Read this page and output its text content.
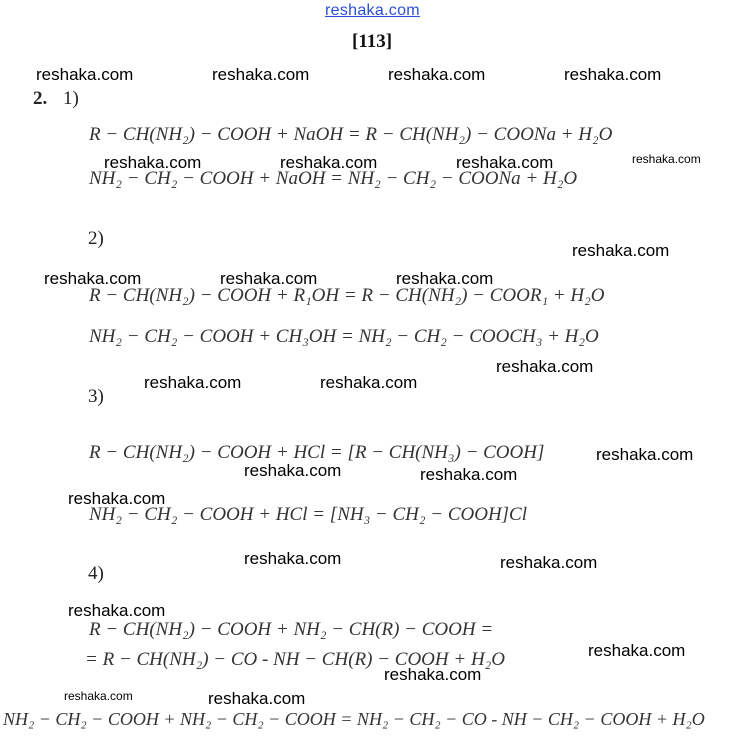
reshaka.com
[113]
2. 1)
2)
3)
4)
R − CH(NH₂) − COOH + NaOH = R − CH(NH₂) − COONa + H₂O
NH₂ − CH₂ − COOH + NaOH = NH₂ − CH₂ − COONa + H₂O
R − CH(NH₂) − COOH + R₁OH = R − CH(NH₂) − COOR₁ + H₂O
NH₂ − CH₂ − COOH + CH₃OH = NH₂ − CH₂ − COOCH₃ + H₂O
R − CH(NH₂) − COOH + HCl = [R − CH(NH₃) − COOH]
NH₂ − CH₂ − COOH + HCl = [NH₃ − CH₂ − COOH]Cl
R − CH(NH₂) − COOH + NH₂ − CH(R) − COOH =
= R − CH(NH₂) − CO - NH − CH(R) − COOH + H₂O
NH₂ − CH₂ − COOH + NH₂ − CH₂ − COOH = NH₂ − CH₂ − CO - NH − CH₂ − COOH + H₂O
reshaka.com	reshaka.com	reshaka.com	reshaka.com
reshaka.com	reshaka.com	reshaka.com	reshaka.com
reshaka.com
reshaka.com	reshaka.com	reshaka.com
reshaka.com
reshaka.com	reshaka.com
reshaka.com
reshaka.com	reshaka.com
reshaka.com
reshaka.com	reshaka.com
reshaka.com
reshaka.com
reshaka.com
reshaka.com	reshaka.com
